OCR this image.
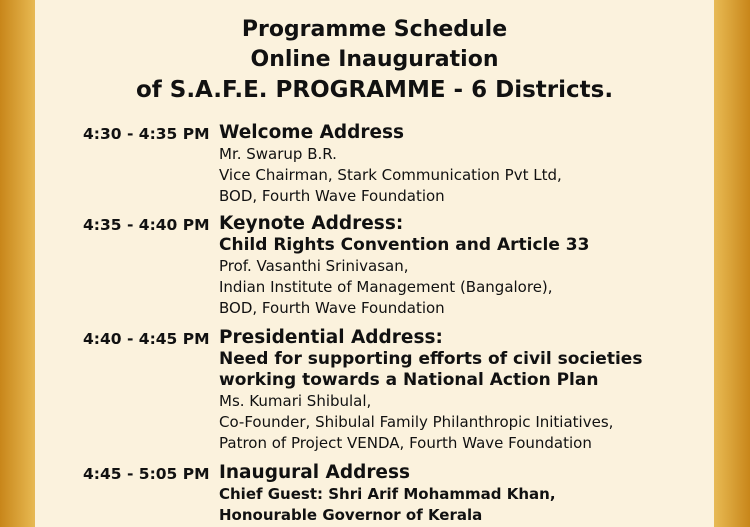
Programme Schedule
Online Inauguration
of S.A.F.E. PROGRAMME - 6 Districts.
4:30 - 4:35 PM Welcome Address
Mr. Swarup B.R.
Vice Chairman, Stark Communication Pvt Ltd,
BOD, Fourth Wave Foundation
4:35 - 4:40 PM Keynote Address:
Child Rights Convention and Article 33
Prof. Vasanthi Srinivasan,
Indian Institute of Management (Bangalore),
BOD, Fourth Wave Foundation
4:40 - 4:45 PM Presidential Address:
Need for supporting efforts of civil societies
working towards a National Action Plan
Ms. Kumari Shibulal,
Co-Founder, Shibulal Family Philanthropic Initiatives,
Patron of Project VENDA, Fourth Wave Foundation
4:45 - 5:05 PM Inaugural Address
Chief Guest: Shri Arif Mohammad Khan,
Honourable Governor of Kerala
